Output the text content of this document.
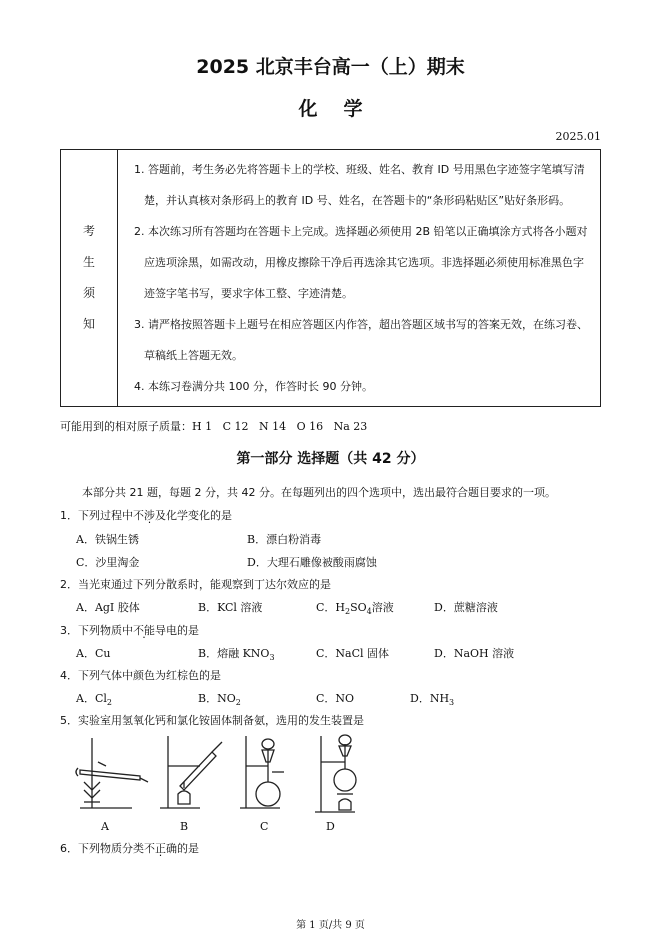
2025 北京丰台高一（上）期末
化学
2025.01
考
生
须
知

1. 答题前，考生务必先将答题卡上的学校、班级、姓名、教育 ID 号用黑色字迹签字笔填写清楚，并认真核对条形码上的教育 ID 号、姓名，在答题卡的“条形码粘贴区”贴好条形码。
2. 本次练习所有答题均在答题卡上完成。选择题必须使用 2B 铅笔以正确填涂方式将各小题对应选项涂黑，如需改动，用橡皮擦除干净后再选涂其它选项。非选择题必须使用标准黑色字迹签字笔书写，要求字体工整、字迹清楚。
3. 请严格按照答题卡上题号在相应答题区内作答，超出答题区域书写的答案无效，在练习卷、草稿纸上答题无效。
4. 本练习卷满分共 100 分，作答时长 90 分钟。
可能用到的相对原子质量：H 1   C 12   N 14   O 16   Na 23
第一部分 选择题（共 42 分）
本部分共 21 题，每题 2 分，共 42 分。在每题列出的四个选项中，选出最符合题目要求的一项。
1．下列过程中不涉及化学变化的是
A．铁锅生锈	B．漂白粉消毒
C．沙里淘金	D．大理石雕像被酸雨腐蚀
2．当光束通过下列分散系时，能观察到丁达尔效应的是
A．AgI 胶体	B．KCl 溶液	C．$H_2SO_4$溶液	D．蔗糖溶液
3．下列物质中不能导电的是
A．Cu	B．熔融 $KNO_3$	C．NaCl 固体	D．NaOH 溶液
4．下列气体中颜色为红棕色的是
A．$Cl_2$	B．$NO_2$	C．NO	D．$NH_3$
5．实验室用氢氧化钙和氯化铵固体制备氨，选用的发生装置是
A	B	C	D
6．下列物质分类不正确的是
第 1 页/共 9 页
